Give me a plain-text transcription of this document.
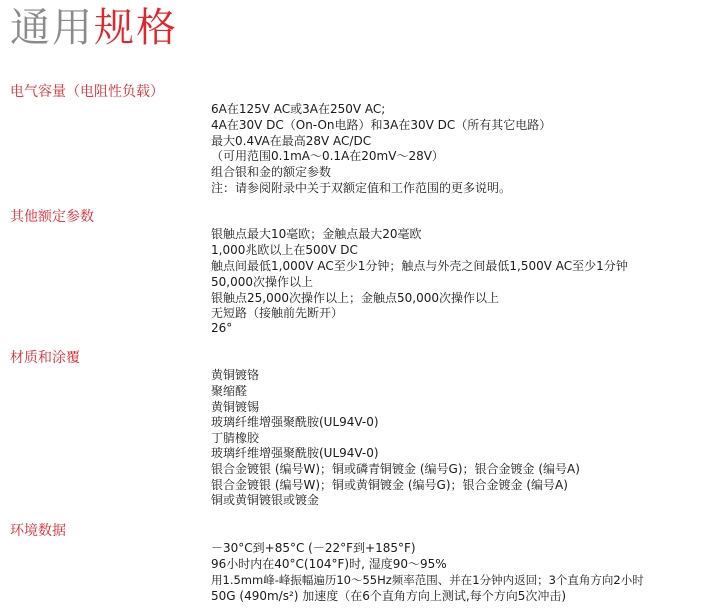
通用规格
电气容量（电阻性负载）
6A在125V AC或3A在250V AC;
4A在30V DC（On-On电路）和3A在30V DC（所有其它电路）
最大0.4VA在最高28V AC/DC
（可用范围0.1mA～0.1A在20mV～28V）
组合银和金的额定参数
注：请参阅附录中关于双额定值和工作范围的更多说明。
其他额定参数
银触点最大10毫欧；金触点最大20毫欧
1,000兆欧以上在500V DC
触点间最低1,000V AC至少1分钟；触点与外壳之间最低1,500V AC至少1分钟
50,000次操作以上
银触点25,000次操作以上；金触点50,000次操作以上
无短路（接触前先断开）
26°
材质和涂覆
黄铜镀铬
聚缩醛
黄铜镀锡
玻璃纤维增强聚酰胺(UL94V-0)
丁腈橡胶
玻璃纤维增强聚酰胺(UL94V-0)
银合金镀银 (编号W)；铜或磷青铜镀金 (编号G)；银合金镀金 (编号A)
银合金镀银 (编号W)；铜或黄铜镀金 (编号G)；银合金镀金 (编号A)
铜或黄铜镀银或镀金
环境数据
－30°C到+85°C (－22°F到+185°F)
96小时内在40°C(104°F)时, 湿度90～95%
用1.5mm峰-峰振幅遍历10～55Hz频率范围、并在1分钟内返回；3个直角方向2小时
50G (490m/s²) 加速度（在6个直角方向上测试,每个方向5次冲击)
